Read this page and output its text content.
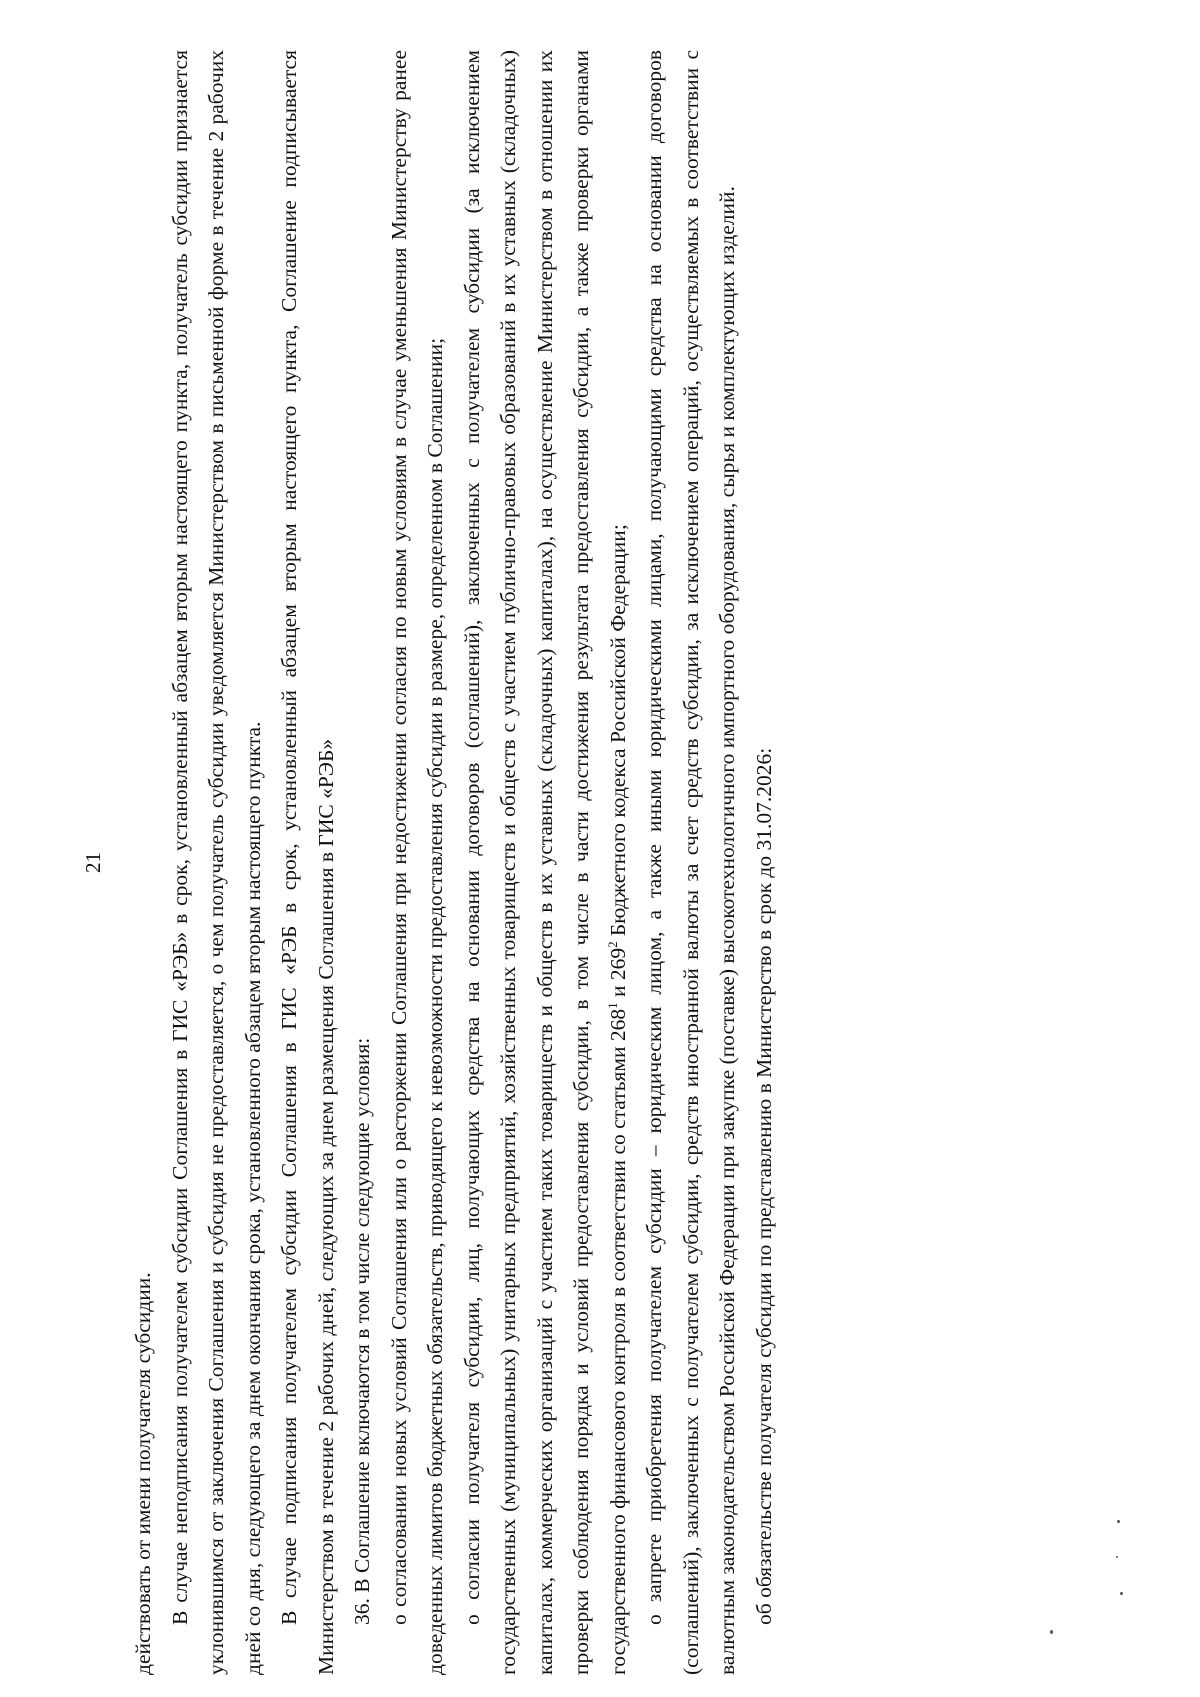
21

действовать от имени получателя субсидии. В случае неподписания получателем субсидии Соглашения в ГИС «РЭБ» в срок, установленный абзацем вторым настоящего пункта, получатель субсидии признается уклонившимся от заключения Соглашения и субсидия не предоставляется, о чем получатель субсидии уведомляется Министерством в письменной форме в течение 2 рабочих дней со дня, следующего за днем окончания срока, установленного абзацем вторым настоящего пункта. В случае подписания получателем субсидии Соглашения в ГИС «РЭБ в срок, установленный абзацем вторым настоящего пункта, Соглашение подписывается Министерством в течение 2 рабочих дней, следующих за днем размещения Соглашения в ГИС «РЭБ» 36. В Соглашение включаются в том числе следующие условия: о согласовании новых условий Соглашения или о расторжении Соглашения при недостижении согласия по новым условиям в случае уменьшения Министерству ранее доведенных лимитов бюджетных обязательств, приводящего к невозможности предоставления субсидии в размере, определенном в Соглашении; о согласии получателя субсидии, лиц, получающих средства на основании договоров (соглашений), заключенных с получателем субсидии (за исключением государственных (муниципальных) унитарных предприятий, хозяйственных товариществ и обществ с участием публично-правовых образований в их уставных (складочных) капиталах, коммерческих организаций с участием таких товариществ и обществ в их уставных (складочных) капиталах), на осуществление Министерством в отношении их проверки соблюдения порядка и условий предоставления субсидии, в том числе в части достижения результата предоставления субсидии, а также проверки органами государственного финансового контроля в соответствии со статьями $268^1$ и $269^2$ Бюджетного кодекса Российской Федерации; о запрете приобретения получателем субсидии – юридическим лицом, а также иными юридическими лицами, получающими средства на основании договоров (соглашений), заключенных с получателем субсидии, средств иностранной валюты за счет средств субсидии, за исключением операций, осуществляемых в соответствии с валютным законодательством Российской Федерации при закупке (поставке) высокотехнологичного импортного оборудования, сырья и комплектующих изделий. об обязательстве получателя субсидии по представлению в Министерство в срок до 31.07.2026:
